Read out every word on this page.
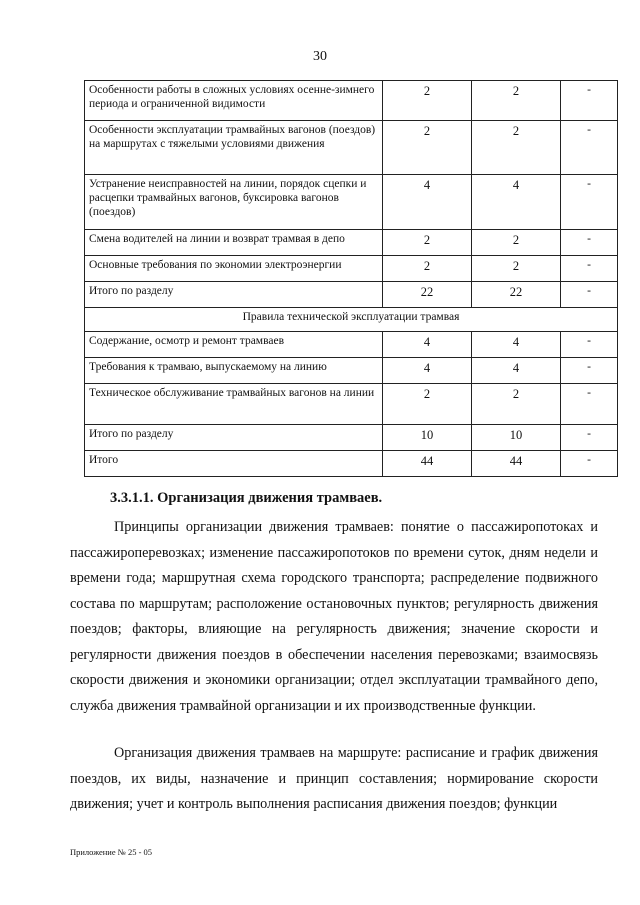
30
Особенности работы в сложных условиях осенне-зимнего периода и ограниченной видимости	2	2	-
Особенности эксплуатации трамвайных вагонов (поездов) на маршрутах с тяжелыми условиями движения	2	2	-
Устранение неисправностей на линии, порядок сцепки и расцепки трамвайных вагонов, буксировка вагонов (поездов)	4	4	-
Смена водителей на линии и возврат трамвая в депо	2	2	-
Основные требования по экономии электроэнергии	2	2	-
Итого по разделу	22	22	-
Правила технической эксплуатации трамвая			
Содержание, осмотр и ремонт трамваев	4	4	-
Требования к трамваю, выпускаемому на линию	4	4	-
Техническое обслуживание трамвайных вагонов на линии	2	2	-
Итого по разделу	10	10	-
Итого	44	44	-
3.3.1.1. Организация движения трамваев.

Принципы организации движения трамваев: понятие о пассажиропотоках и пассажироперевозках; изменение пассажиропотоков по времени суток, дням недели и времени года; маршрутная схема городского транспорта; распределение подвижного состава по маршрутам; расположение остановочных пунктов; регулярность движения поездов; факторы, влияющие на регулярность движения; значение скорости и регулярности движения поездов в обеспечении населения перевозками; взаимосвязь скорости движения и экономики организации; отдел эксплуатации трамвайного депо, служба движения трамвайной организации и их производственные функции.

Организация движения трамваев на маршруте: расписание и график движения поездов, их виды, назначение и принцип составления; нормирование скорости движения; учет и контроль выполнения расписания движения поездов; функции

Приложение № 25 - 05
